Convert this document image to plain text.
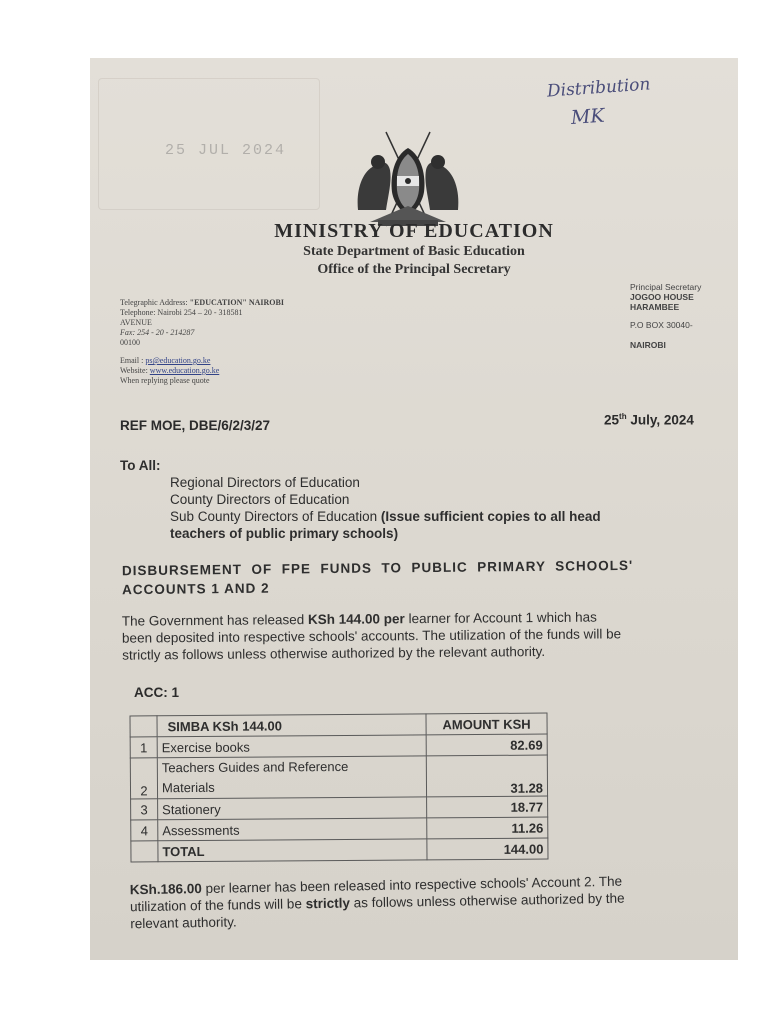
Distribution
MK
25 JUL 2024
MINISTRY OF EDUCATION
State Department of Basic Education
Office of the Principal Secretary
Telegraphic Address: "EDUCATION" NAIROBI
Telephone: Nairobi 254 – 20 - 318581
AVENUE
Fax: 254 - 20 - 214287
00100
Email : ps@education.go.ke
Website: www.education.go.ke
When replying please quote
Principal Secretary
JOGOO HOUSE
HARAMBEE
P.O BOX 30040-
NAIROBI
REF MOE, DBE/6/2/3/27	25th July, 2024
To All:
Regional Directors of Education
County Directors of Education
Sub County Directors of Education (Issue sufficient copies to all head
teachers of public primary schools)
DISBURSEMENT  OF  FPE  FUNDS  TO  PUBLIC  PRIMARY  SCHOOLS'
ACCOUNTS 1 AND 2
The Government has released KSh 144.00 per learner for Account 1 which has
been deposited into respective schools' accounts. The utilization of the funds will be
strictly as follows unless otherwise authorized by the relevant authority.
ACC: 1
	SIMBA KSh 144.00	AMOUNT KSH
1	Exercise books	82.69
2	Teachers Guides and Reference
Materials	31.28
3	Stationery	18.77
4	Assessments	11.26
	TOTAL	144.00
KSh.186.00 per learner has been released into respective schools' Account 2. The
utilization of the funds will be strictly as follows unless otherwise authorized by the
relevant authority.
